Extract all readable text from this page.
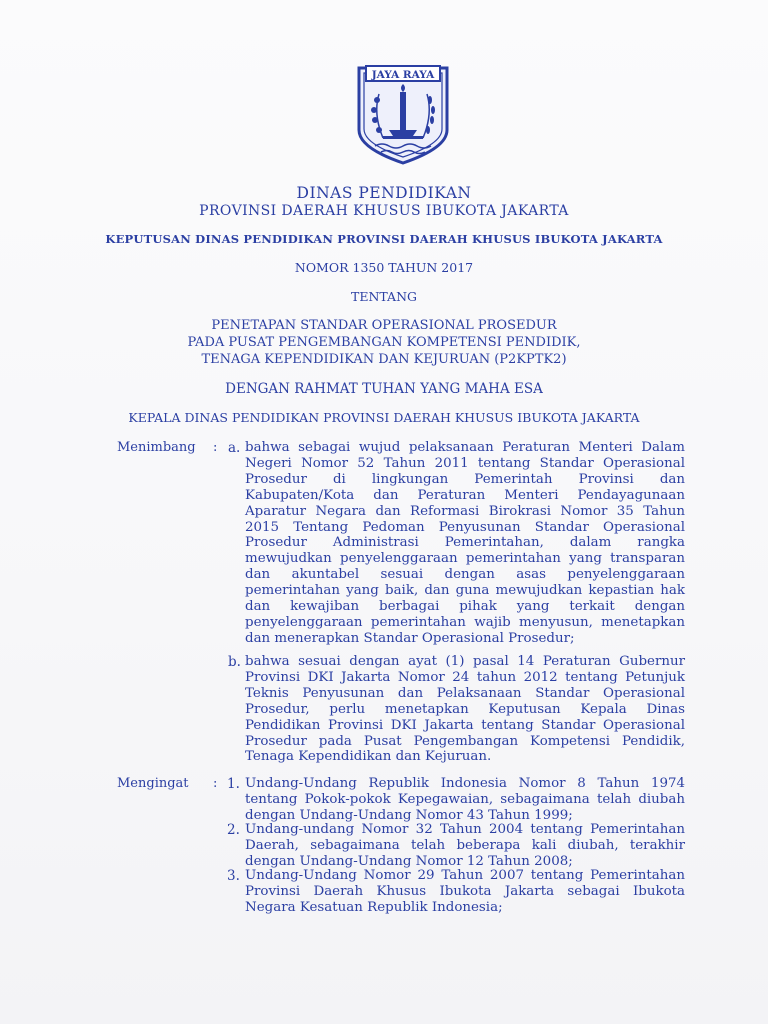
JAYA RAYA
DINAS PENDIDIKAN
PROVINSI DAERAH KHUSUS IBUKOTA JAKARTA
KEPUTUSAN DINAS PENDIDIKAN PROVINSI DAERAH KHUSUS IBUKOTA JAKARTA
NOMOR 1350 TAHUN 2017
TENTANG
PENETAPAN STANDAR OPERASIONAL PROSEDUR
PADA PUSAT PENGEMBANGAN KOMPETENSI PENDIDIK,
TENAGA KEPENDIDIKAN DAN KEJURUAN (P2KPTK2)
DENGAN RAHMAT TUHAN YANG MAHA ESA
KEPALA DINAS PENDIDIKAN PROVINSI DAERAH KHUSUS IBUKOTA JAKARTA
Menimbang : a. bahwa sebagai wujud pelaksanaan Peraturan Menteri Dalam Negeri Nomor 52 Tahun 2011 tentang Standar Operasional Prosedur di lingkungan Pemerintah Provinsi dan Kabupaten/Kota dan Peraturan Menteri Pendayagunaan Aparatur Negara dan Reformasi Birokrasi Nomor 35 Tahun 2015 Tentang Pedoman Penyusunan Standar Operasional Prosedur Administrasi Pemerintahan, dalam rangka mewujudkan penyelenggaraan pemerintahan yang transparan dan akuntabel sesuai dengan asas penyelenggaraan pemerintahan yang baik, dan guna mewujudkan kepastian hak dan kewajiban berbagai pihak yang terkait dengan penyelenggaraan pemerintahan wajib menyusun, menetapkan dan menerapkan Standar Operasional Prosedur;
b. bahwa sesuai dengan ayat (1) pasal 14 Peraturan Gubernur Provinsi DKI Jakarta Nomor 24 tahun 2012 tentang Petunjuk Teknis Penyusunan dan Pelaksanaan Standar Operasional Prosedur, perlu menetapkan Keputusan Kepala Dinas Pendidikan Provinsi DKI Jakarta tentang Standar Operasional Prosedur pada Pusat Pengembangan Kompetensi Pendidik, Tenaga Kependidikan dan Kejuruan.
Mengingat : 1. Undang-Undang Republik Indonesia Nomor 8 Tahun 1974 tentang Pokok-pokok Kepegawaian, sebagaimana telah diubah dengan Undang-Undang Nomor 43 Tahun 1999;
2. Undang-undang Nomor 32 Tahun 2004 tentang Pemerintahan Daerah, sebagaimana telah beberapa kali diubah, terakhir dengan Undang-Undang Nomor 12 Tahun 2008;
3. Undang-Undang Nomor 29 Tahun 2007 tentang Pemerintahan Provinsi Daerah Khusus Ibukota Jakarta sebagai Ibukota Negara Kesatuan Republik Indonesia;
